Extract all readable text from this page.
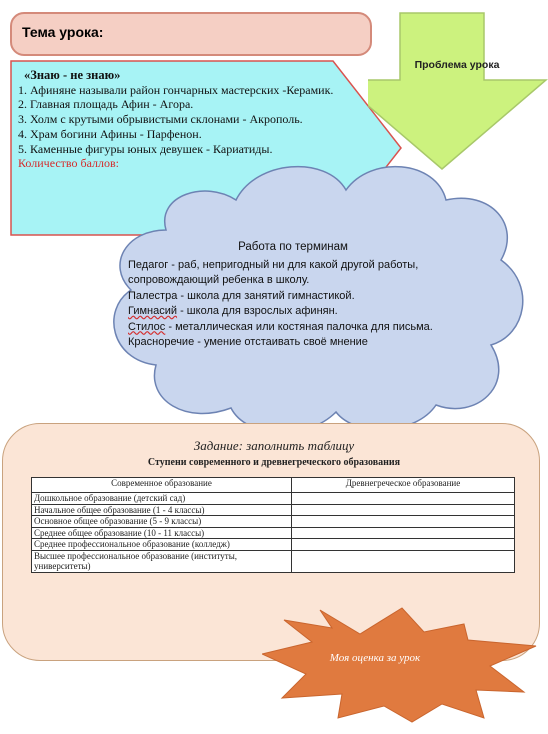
Тема урока:
Проблема урока
«Знаю - не знаю»
1. Афиняне называли район гончарных мастерских -Керамик.
2. Главная площадь Афин - Агора.
3. Холм с крутыми обрывистыми склонами - Акрополь.
4. Храм богини Афины - Парфенон.
5. Каменные фигуры юных девушек - Кариатиды.
Количество баллов:
Работа по терминам

Педагог - раб, непригодный ни для какой другой работы, сопровождающий ребенка в школу.

Палестра - школа для занятий гимнастикой.

Гимнасий - школа для взрослых афинян.

Стилос - металлическая или костяная палочка для письма.

Красноречие - умение отстаивать своё мнение

Задание: заполнить таблицу
Ступени современного и древнегреческого образования
Современное образование	Древнегреческое образование
Дошкольное образование (детский сад)	
Начальное общее образование (1 - 4 классы)	
Основное общее образование (5 - 9 классы)	
Среднее общее образование (10 - 11 классы)	
Среднее профессиональное образование (колледж)	
Высшее профессиональное образование (институты, университеты)	
Моя оценка за урок
